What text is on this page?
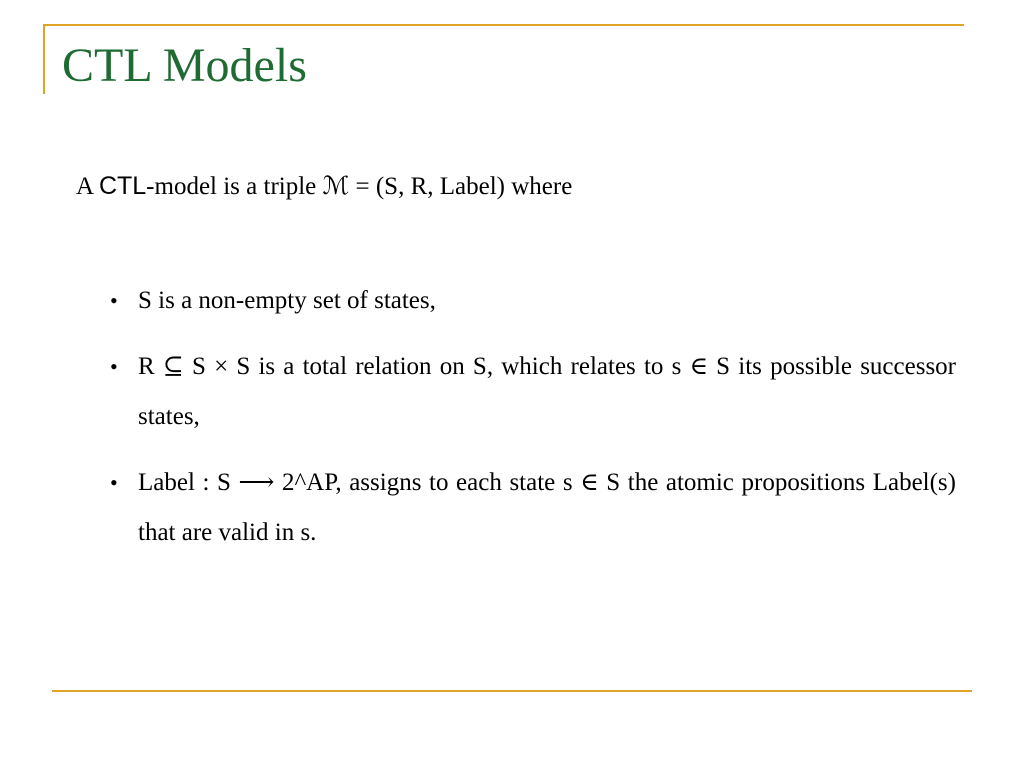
CTL Models
A CTL-model is a triple ℳ = (S, R, Label) where
• S is a non-empty set of states,
• R ⊆ S × S is a total relation on S, which relates to s ∈ S its possible successor states,
• Label : S ⟶ 2^AP, assigns to each state s ∈ S the atomic propositions Label(s) that are valid in s.
